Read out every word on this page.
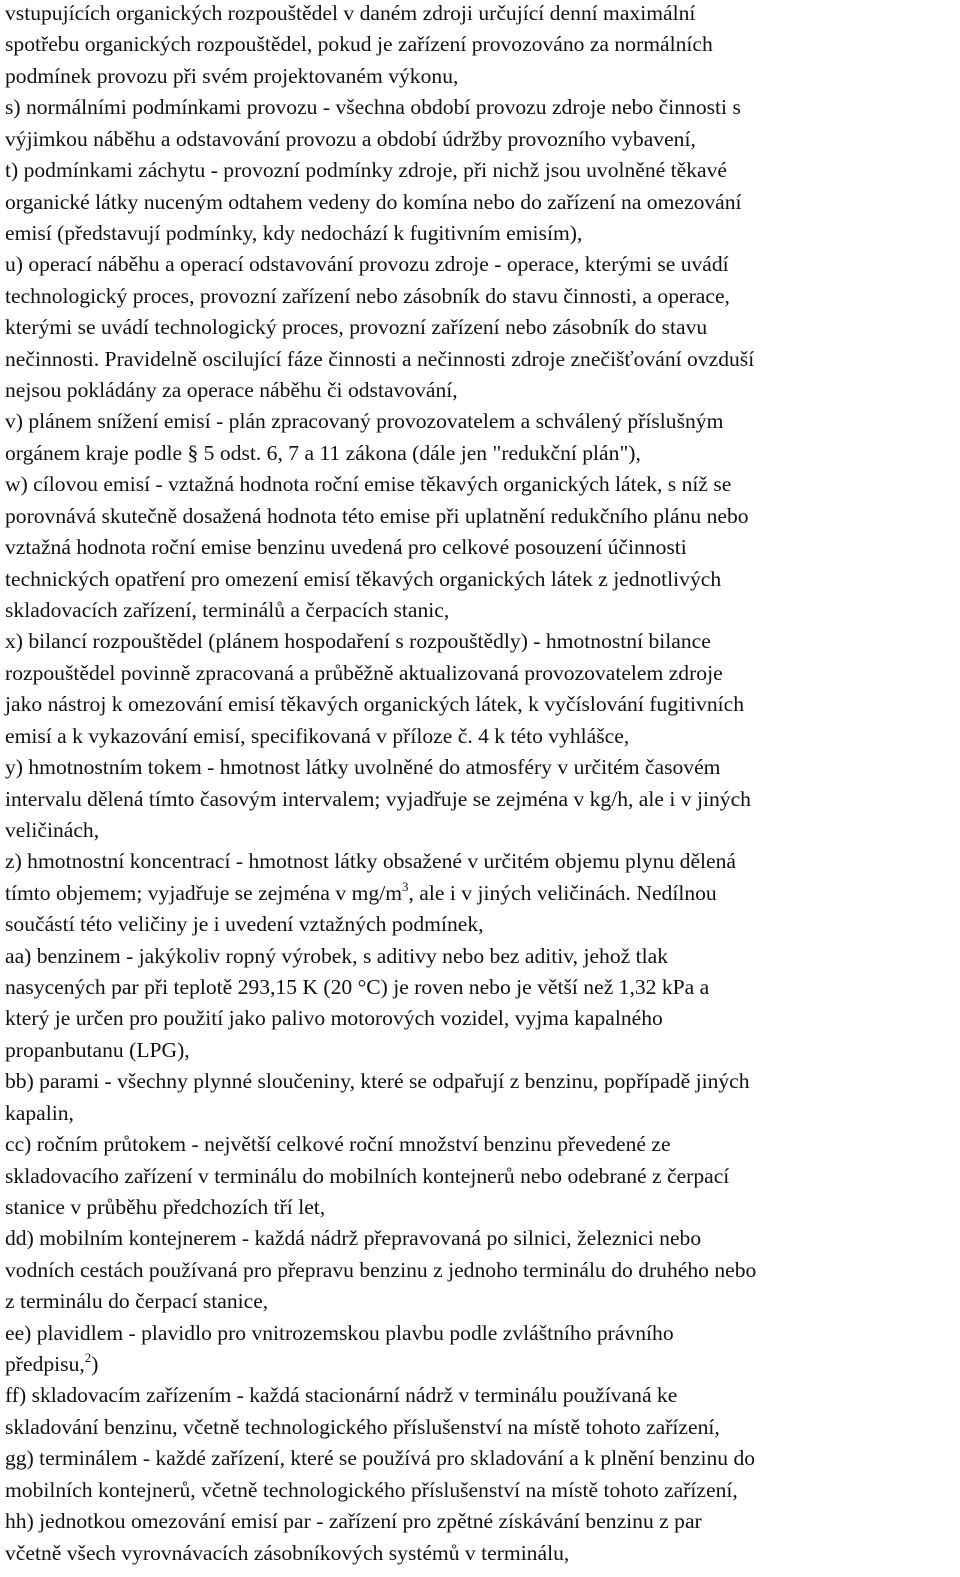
vstupujících organických rozpouštědel v daném zdroji určující denní maximální
spotřebu organických rozpouštědel, pokud je zařízení provozováno za normálních
podmínek provozu při svém projektovaném výkonu,
s) normálními podmínkami provozu - všechna období provozu zdroje nebo činnosti s
výjimkou náběhu a odstavování provozu a období údržby provozního vybavení,
t) podmínkami záchytu - provozní podmínky zdroje, při nichž jsou uvolněné těkavé
organické látky nuceným odtahem vedeny do komína nebo do zařízení na omezování
emisí (představují podmínky, kdy nedochází k fugitivním emisím),
u) operací náběhu a operací odstavování provozu zdroje - operace, kterými se uvádí
technologický proces, provozní zařízení nebo zásobník do stavu činnosti, a operace,
kterými se uvádí technologický proces, provozní zařízení nebo zásobník do stavu
nečinnosti. Pravidelně oscilující fáze činnosti a nečinnosti zdroje znečišťování ovzduší
nejsou pokládány za operace náběhu či odstavování,
v) plánem snížení emisí - plán zpracovaný provozovatelem a schválený příslušným
orgánem kraje podle § 5 odst. 6, 7 a 11 zákona (dále jen "redukční plán"),
w) cílovou emisí - vztažná hodnota roční emise těkavých organických látek, s níž se
porovnává skutečně dosažená hodnota této emise při uplatnění redukčního plánu nebo
vztažná hodnota roční emise benzinu uvedená pro celkové posouzení účinnosti
technických opatření pro omezení emisí těkavých organických látek z jednotlivých
skladovacích zařízení, terminálů a čerpacích stanic,
x) bilancí rozpouštědel (plánem hospodaření s rozpouštědly) - hmotnostní bilance
rozpouštědel povinně zpracovaná a průběžně aktualizovaná provozovatelem zdroje
jako nástroj k omezování emisí těkavých organických látek, k vyčíslování fugitivních
emisí a k vykazování emisí, specifikovaná v příloze č. 4 k této vyhlášce,
y) hmotnostním tokem - hmotnost látky uvolněné do atmosféry v určitém časovém
intervalu dělená tímto časovým intervalem; vyjadřuje se zejména v kg/h, ale i v jiných
veličinách,
z) hmotnostní koncentrací - hmotnost látky obsažené v určitém objemu plynu dělená
tímto objemem; vyjadřuje se zejména v $mg/m^3$, ale i v jiných veličinách. Nedílnou
součástí této veličiny je i uvedení vztažných podmínek,
aa) benzinem - jakýkoliv ropný výrobek, s aditivy nebo bez aditiv, jehož tlak
nasycených par při teplotě 293,15 K (20 °C) je roven nebo je větší než 1,32 kPa a
který je určen pro použití jako palivo motorových vozidel, vyjma kapalného
propanbutanu (LPG),
bb) parami - všechny plynné sloučeniny, které se odpařují z benzinu, popřípadě jiných
kapalin,
cc) ročním průtokem - největší celkové roční množství benzinu převedené ze
skladovacího zařízení v terminálu do mobilních kontejnerů nebo odebrané z čerpací
stanice v průběhu předchozích tří let,
dd) mobilním kontejnerem - každá nádrž přepravovaná po silnici, železnici nebo
vodních cestách používaná pro přepravu benzinu z jednoho terminálu do druhého nebo
z terminálu do čerpací stanice,
ee) plavidlem - plavidlo pro vnitrozemskou plavbu podle zvláštního právního
předpisu,$^2$)
ff) skladovacím zařízením - každá stacionární nádrž v terminálu používaná ke
skladování benzinu, včetně technologického příslušenství na místě tohoto zařízení,
gg) terminálem - každé zařízení, které se používá pro skladování a k plnění benzinu do
mobilních kontejnerů, včetně technologického příslušenství na místě tohoto zařízení,
hh) jednotkou omezování emisí par - zařízení pro zpětné získávání benzinu z par
včetně všech vyrovnávacích zásobníkových systémů v terminálu,
